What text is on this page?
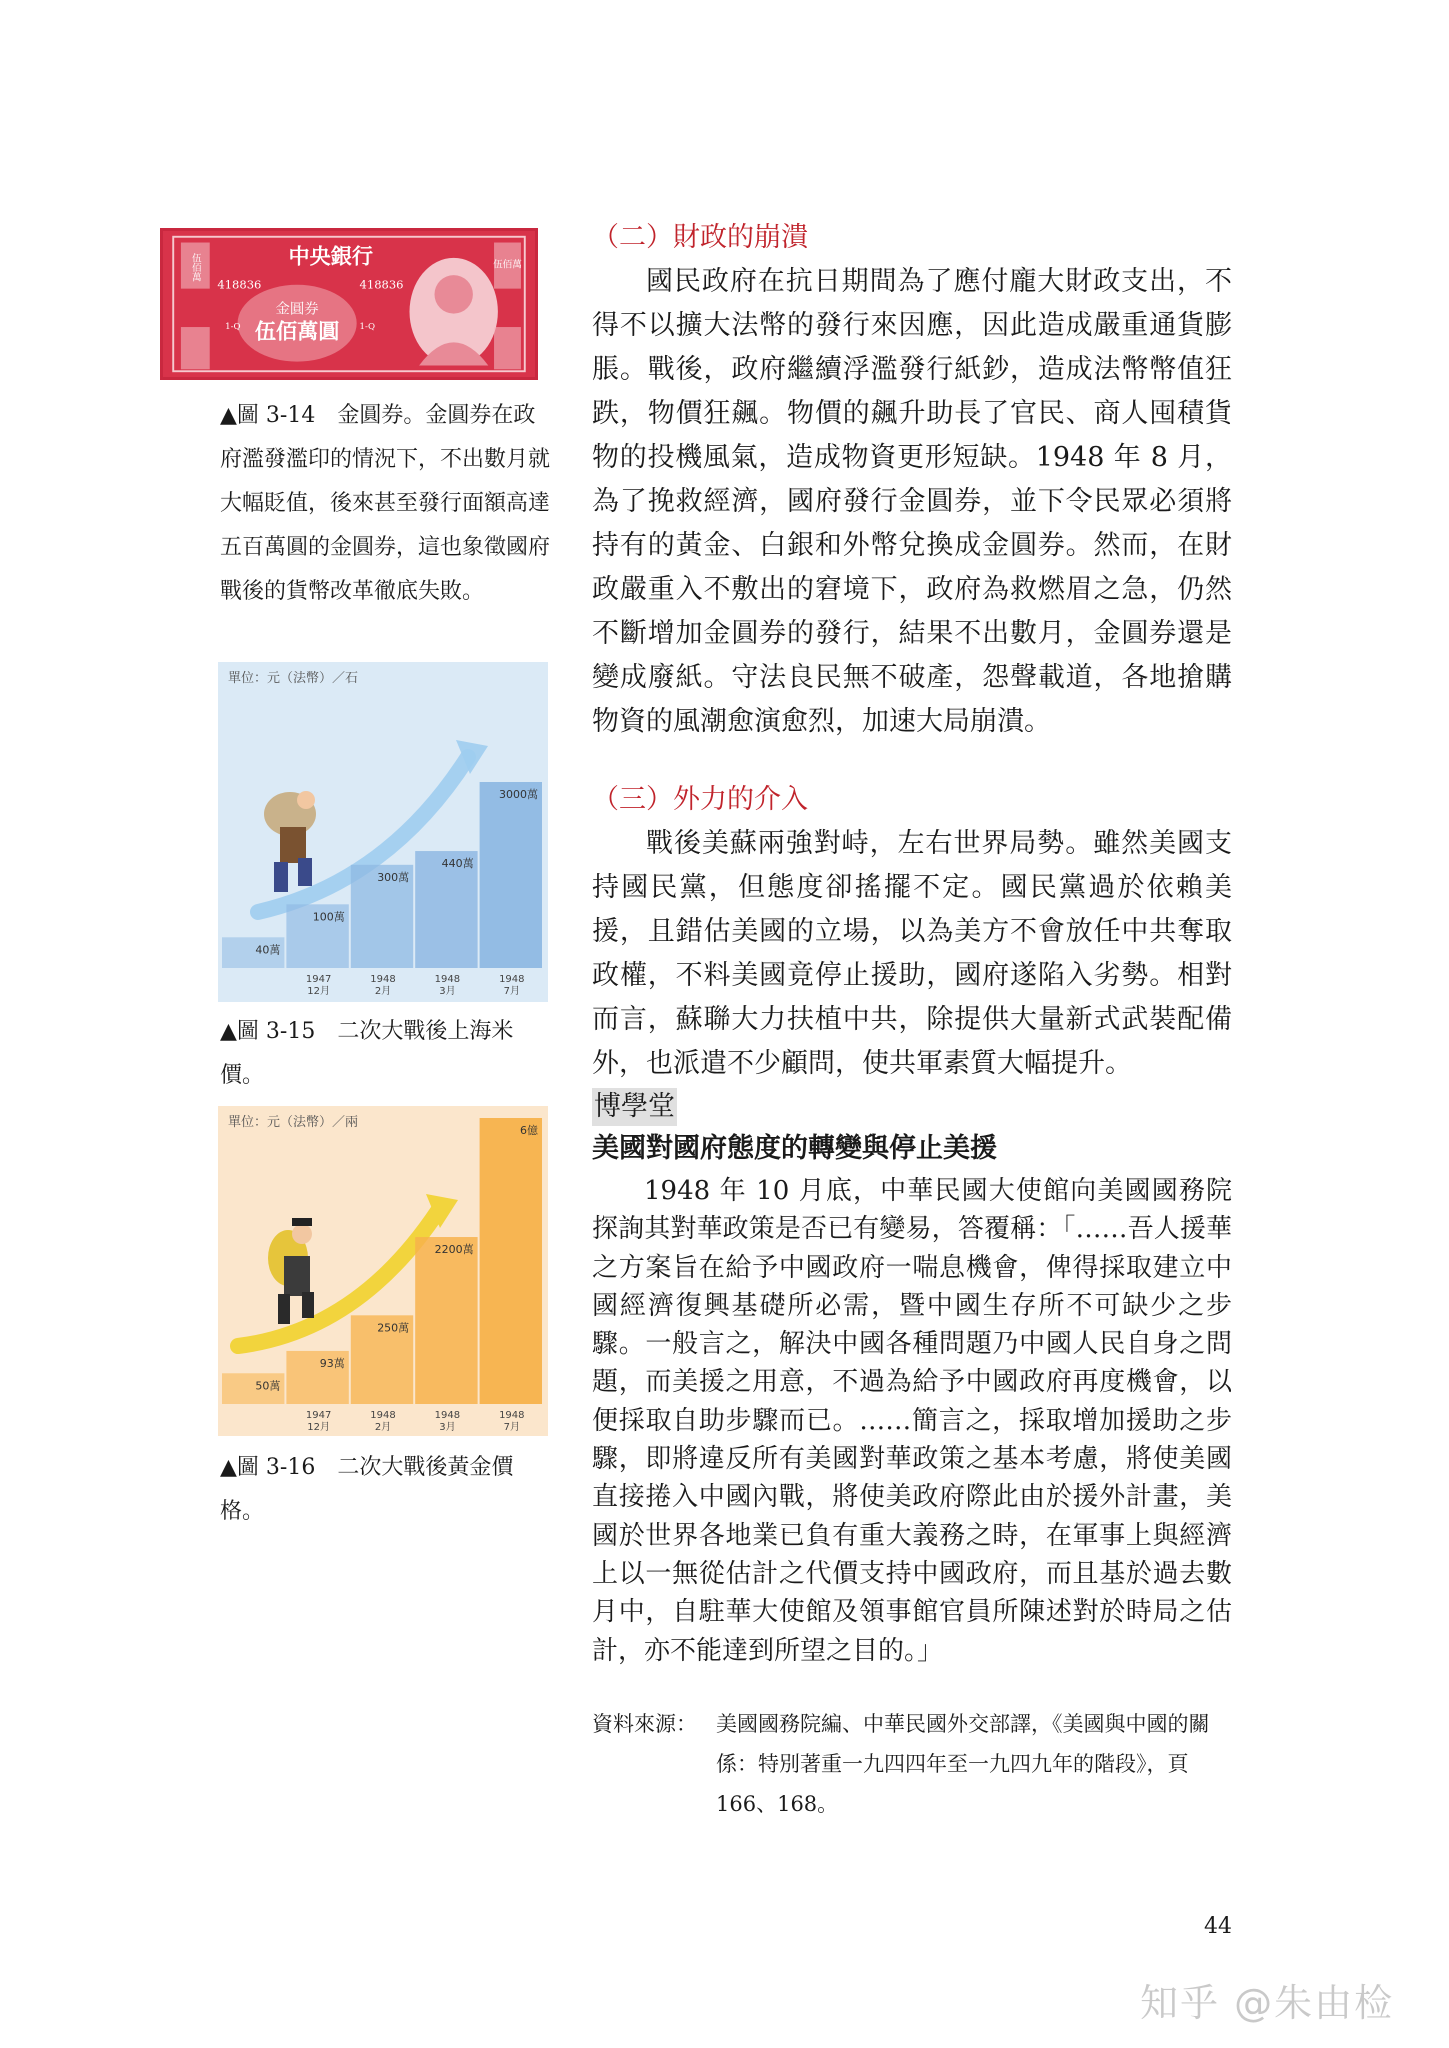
伍佰萬	中央銀行
418836	418836
金圓券
伍佰萬圓
1-Q	1-Q
伍佰萬
▲圖 3-14 金圓券。金圓券在政府濫發濫印的情況下，不出數月就大幅貶值，後來甚至發行面額高達五百萬圓的金圓券，這也象徵國府戰後的貨幣改革徹底失敗。
單位：元（法幣）／石
40萬
100萬
300萬
440萬
3000萬
1947
12月
1948
2月
1948
3月
1948
7月
▲圖 3-15 二次大戰後上海米價。
單位：元（法幣）／兩
50萬
93萬
250萬
2200萬
6億
1947
12月
1948
2月
1948
3月
1948
7月
▲圖 3-16 二次大戰後黃金價格。
（二）財政的崩潰
國民政府在抗日期間為了應付龐大財政支出，不得不以擴大法幣的發行來因應，因此造成嚴重通貨膨脹。戰後，政府繼續浮濫發行紙鈔，造成法幣幣值狂跌，物價狂飆。物價的飆升助長了官民、商人囤積貨物的投機風氣，造成物資更形短缺。1948 年 8 月，為了挽救經濟，國府發行金圓券，並下令民眾必須將持有的黃金、白銀和外幣兌換成金圓券。然而，在財政嚴重入不敷出的窘境下，政府為救燃眉之急，仍然不斷增加金圓券的發行，結果不出數月，金圓券還是變成廢紙。守法良民無不破產，怨聲載道，各地搶購物資的風潮愈演愈烈，加速大局崩潰。
（三）外力的介入
戰後美蘇兩強對峙，左右世界局勢。雖然美國支持國民黨，但態度卻搖擺不定。國民黨過於依賴美援，且錯估美國的立場，以為美方不會放任中共奪取政權，不料美國竟停止援助，國府遂陷入劣勢。相對而言，蘇聯大力扶植中共，除提供大量新式武裝配備外，也派遣不少顧問，使共軍素質大幅提升。
博學堂
美國對國府態度的轉變與停止美援
1948 年 10 月底，中華民國大使館向美國國務院探詢其對華政策是否已有變易，答覆稱：「……吾人援華之方案旨在給予中國政府一喘息機會，俾得採取建立中國經濟復興基礎所必需，暨中國生存所不可缺少之步驟。一般言之，解決中國各種問題乃中國人民自身之問題，而美援之用意，不過為給予中國政府再度機會，以便採取自助步驟而已。……簡言之，採取增加援助之步驟，即將違反所有美國對華政策之基本考慮，將使美國直接捲入中國內戰，將使美政府際此由於援外計畫，美國於世界各地業已負有重大義務之時，在軍事上與經濟上以一無從估計之代價支持中國政府，而且基於過去數月中，自駐華大使館及領事館官員所陳述對於時局之估計，亦不能達到所望之目的。」
資料來源： 美國國務院編、中華民國外交部譯，《美國與中國的關係：特別著重一九四四年至一九四九年的階段》，頁 166、168。
44
知乎 @朱由检
